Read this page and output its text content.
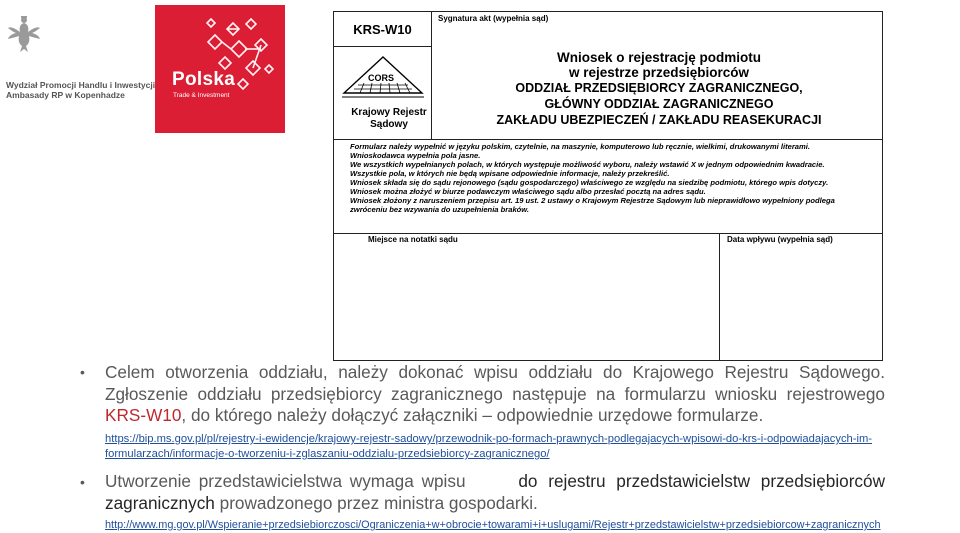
Wydział Promocji Handlu i Inwestycji
Ambasady RP w Kopenhadze
Polska
Trade & Investment
KRS-W10
Sygnatura akt (wypełnia sąd)
CORS
Krajowy Rejestr
Sądowy
Wniosek o rejestrację podmiotu
w rejestrze przedsiębiorców
ODDZIAŁ PRZEDSIĘBIORCY ZAGRANICZNEGO,
GŁÓWNY ODDZIAŁ ZAGRANICZNEGO
ZAKŁADU UBEZPIECZEŃ / ZAKŁADU REASEKURACJI
Formularz należy wypełnić w języku polskim, czytelnie, na maszynie, komputerowo lub ręcznie, wielkimi, drukowanymi literami.
Wnioskodawca wypełnia pola jasne.
We wszystkich wypełnianych polach, w których występuje możliwość wyboru, należy wstawić X w jednym odpowiednim kwadracie.
Wszystkie pola, w których nie będą wpisane odpowiednie informacje, należy przekreślić.
Wniosek składa się do sądu rejonowego (sądu gospodarczego) właściwego ze względu na siedzibę podmiotu, którego wpis dotyczy.
Wniosek można złożyć w biurze podawczym właściwego sądu albo przesłać pocztą na adres sądu.
Wniosek złożony z naruszeniem przepisu art. 19 ust. 2 ustawy o Krajowym Rejestrze Sądowym lub nieprawidłowo wypełniony podlega
zwróceniu bez wzywania do uzupełnienia braków.
Miejsce na notatki sądu	Data wpływu (wypełnia sąd)
• Celem otworzenia oddziału, należy dokonać wpisu oddziału do Krajowego Rejestru Sądowego.
Zgłoszenie oddziału przedsiębiorcy zagranicznego następuje na formularzu wniosku rejestrowego
KRS-W10, do którego należy dołączyć załączniki – odpowiednie urzędowe formularze.
https://bip.ms.gov.pl/pl/rejestry-i-ewidencje/krajowy-rejestr-sadowy/przewodnik-po-formach-prawnych-podlegajacych-wpisowi-do-krs-i-odpowiadajacych-im-
formularzach/informacje-o-tworzeniu-i-zglaszaniu-oddzialu-przedsiebiorcy-zagranicznego/
• Utworzenie przedstawicielstwa wymaga wpisu	do rejestru przedstawicielstw przedsiębiorców
zagranicznych prowadzonego przez ministra gospodarki.
http://www.mg.gov.pl/Wspieranie+przedsiebiorczosci/Ograniczenia+w+obrocie+towarami+i+uslugami/Rejestr+przedstawicielstw+przedsiebiorcow+zagranicznych
